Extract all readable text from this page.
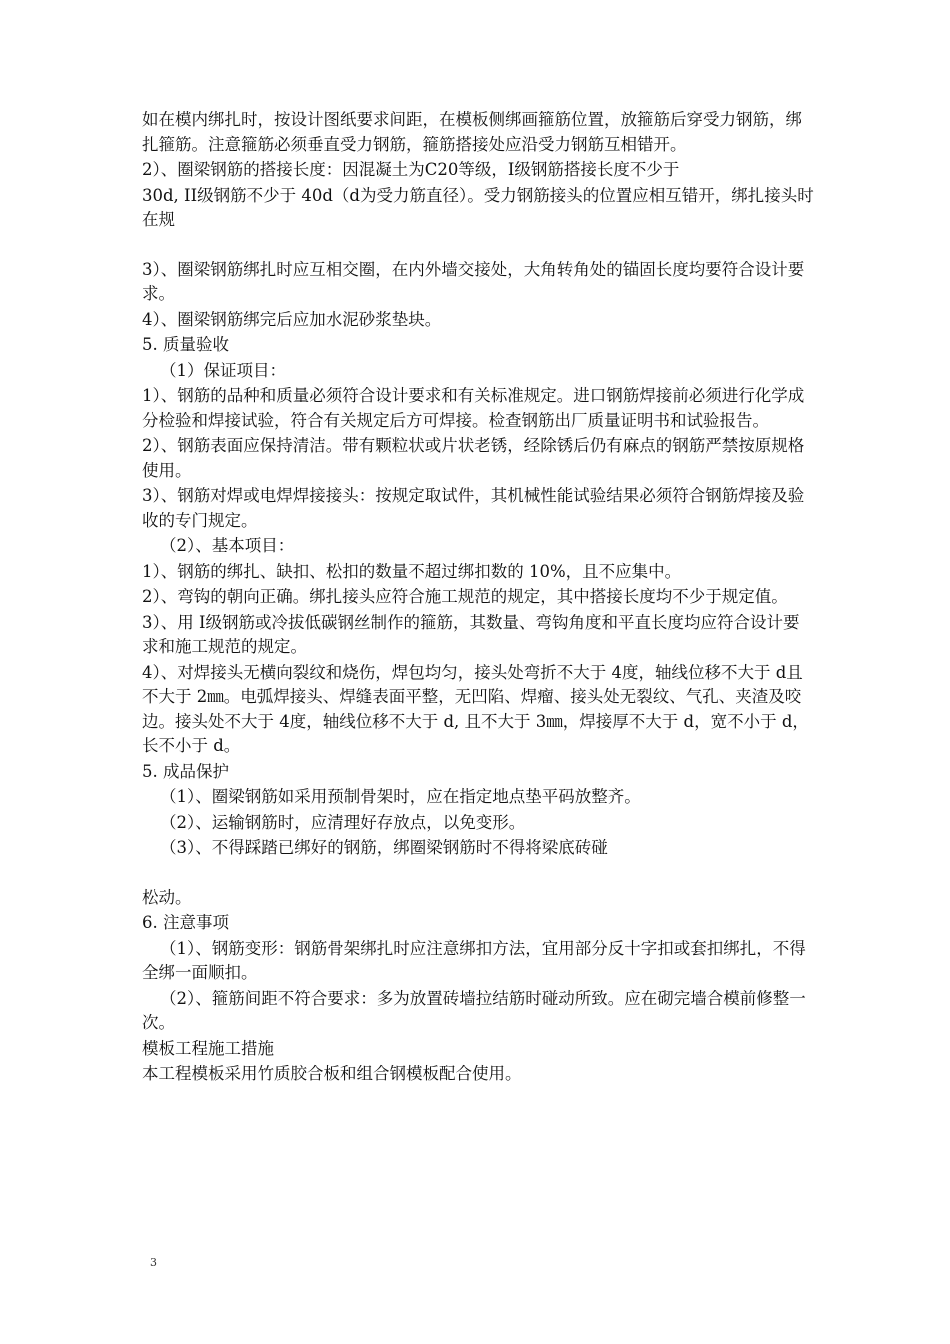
如在模内绑扎时，按设计图纸要求间距，在模板侧绑画箍筋位置，放箍筋后穿受力钢筋，绑扎箍筋。注意箍筋必须垂直受力钢筋，箍筋搭接处应沿受力钢筋互相错开。

2）、圈梁钢筋的搭接长度：因混凝土为C20等级，I级钢筋搭接长度不少于

30d, II级钢筋不少于 40d（d为受力筋直径）。受力钢筋接头的位置应相互错开，绑扎接头时在规

3）、圈梁钢筋绑扎时应互相交圈，在内外墙交接处，大角转角处的锚固长度均要符合设计要求。

4）、圈梁钢筋绑完后应加水泥砂浆垫块。

5. 质量验收

（1）保证项目：

1）、钢筋的品种和质量必须符合设计要求和有关标准规定。进口钢筋焊接前必须进行化学成分检验和焊接试验，符合有关规定后方可焊接。检查钢筋出厂质量证明书和试验报告。

2）、钢筋表面应保持清洁。带有颗粒状或片状老锈，经除锈后仍有麻点的钢筋严禁按原规格使用。

3）、钢筋对焊或电焊焊接接头：按规定取试件，其机械性能试验结果必须符合钢筋焊接及验收的专门规定。

（2）、基本项目：

1）、钢筋的绑扎、缺扣、松扣的数量不超过绑扣数的 10%，且不应集中。

2）、弯钩的朝向正确。绑扎接头应符合施工规范的规定，其中搭接长度均不少于规定值。

3）、用 I级钢筋或冷拔低碳钢丝制作的箍筋，其数量、弯钩角度和平直长度均应符合设计要求和施工规范的规定。

4）、对焊接头无横向裂纹和烧伤，焊包均匀，接头处弯折不大于 4度，轴线位移不大于 d且不大于 2㎜。电弧焊接头、焊缝表面平整，无凹陷、焊瘤、接头处无裂纹、气孔、夹渣及咬边。接头处不大于 4度，轴线位移不大于 d, 且不大于 3㎜，焊接厚不大于 d，宽不小于 d，长不小于 d。

5. 成品保护

（1）、圈梁钢筋如采用预制骨架时，应在指定地点垫平码放整齐。

（2）、运输钢筋时，应清理好存放点，以免变形。

（3）、不得踩踏已绑好的钢筋，绑圈梁钢筋时不得将梁底砖碰

松动。

6. 注意事项

（1）、钢筋变形：钢筋骨架绑扎时应注意绑扣方法，宜用部分反十字扣或套扣绑扎，不得全绑一面顺扣。

（2）、箍筋间距不符合要求：多为放置砖墙拉结筋时碰动所致。应在砌完墙合模前修整一次。

模板工程施工措施

本工程模板采用竹质胶合板和组合钢模板配合使用。

3
